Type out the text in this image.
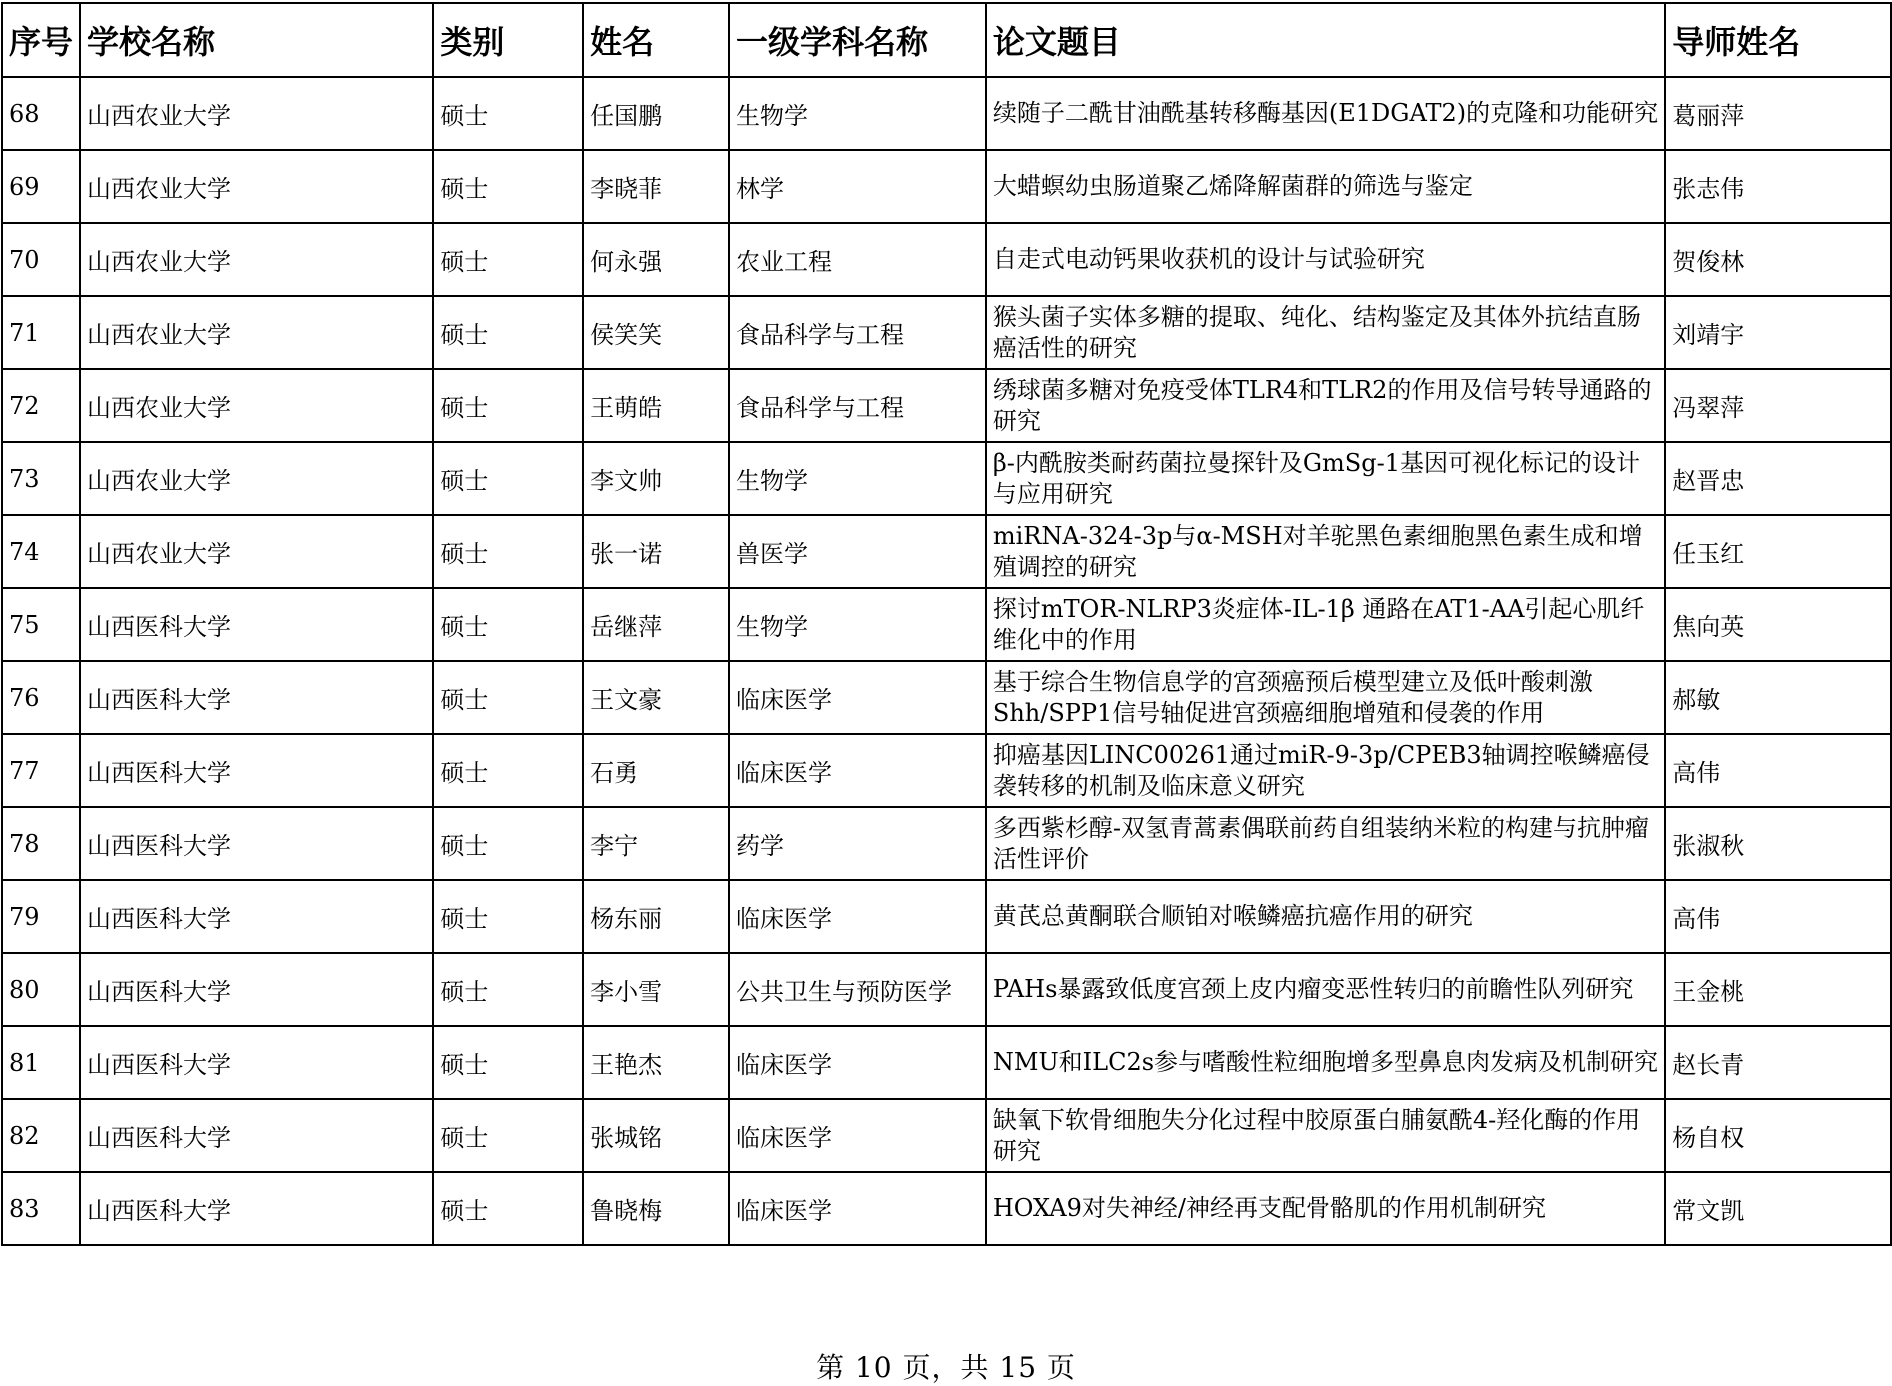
序号	学校名称	类别	姓名	一级学科名称	论文题目	导师姓名
68	山西农业大学	硕士	任国鹏	生物学	续随子二酰甘油酰基转移酶基因(E1DGAT2)的克隆和功能研究	葛丽萍
69	山西农业大学	硕士	李晓菲	林学	大蜡螟幼虫肠道聚乙烯降解菌群的筛选与鉴定	张志伟
70	山西农业大学	硕士	何永强	农业工程	自走式电动钙果收获机的设计与试验研究	贺俊林
71	山西农业大学	硕士	侯笑笑	食品科学与工程	猴头菌子实体多糖的提取、纯化、结构鉴定及其体外抗结直肠癌活性的研究	刘靖宇
72	山西农业大学	硕士	王萌皓	食品科学与工程	绣球菌多糖对免疫受体TLR4和TLR2的作用及信号转导通路的研究	冯翠萍
73	山西农业大学	硕士	李文帅	生物学	β-内酰胺类耐药菌拉曼探针及GmSg-1基因可视化标记的设计与应用研究	赵晋忠
74	山西农业大学	硕士	张一诺	兽医学	miRNA-324-3p与α-MSH对羊驼黑色素细胞黑色素生成和增殖调控的研究	任玉红
75	山西医科大学	硕士	岳继萍	生物学	探讨mTOR-NLRP3炎症体-IL-1β 通路在AT1-AA引起心肌纤维化中的作用	焦向英
76	山西医科大学	硕士	王文豪	临床医学	基于综合生物信息学的宫颈癌预后模型建立及低叶酸刺激Shh/SPP1信号轴促进宫颈癌细胞增殖和侵袭的作用	郝敏
77	山西医科大学	硕士	石勇	临床医学	抑癌基因LINC00261通过miR-9-3p/CPEB3轴调控喉鳞癌侵袭转移的机制及临床意义研究	高伟
78	山西医科大学	硕士	李宁	药学	多西紫杉醇-双氢青蒿素偶联前药自组装纳米粒的构建与抗肿瘤活性评价	张淑秋
79	山西医科大学	硕士	杨东丽	临床医学	黄芪总黄酮联合顺铂对喉鳞癌抗癌作用的研究	高伟
80	山西医科大学	硕士	李小雪	公共卫生与预防医学	PAHs暴露致低度宫颈上皮内瘤变恶性转归的前瞻性队列研究	王金桃
81	山西医科大学	硕士	王艳杰	临床医学	NMU和ILC2s参与嗜酸性粒细胞增多型鼻息肉发病及机制研究	赵长青
82	山西医科大学	硕士	张城铭	临床医学	缺氧下软骨细胞失分化过程中胶原蛋白脯氨酰4-羟化酶的作用研究	杨自权
83	山西医科大学	硕士	鲁晓梅	临床医学	HOXA9对失神经/神经再支配骨骼肌的作用机制研究	常文凯
第 10 页，共 15 页
